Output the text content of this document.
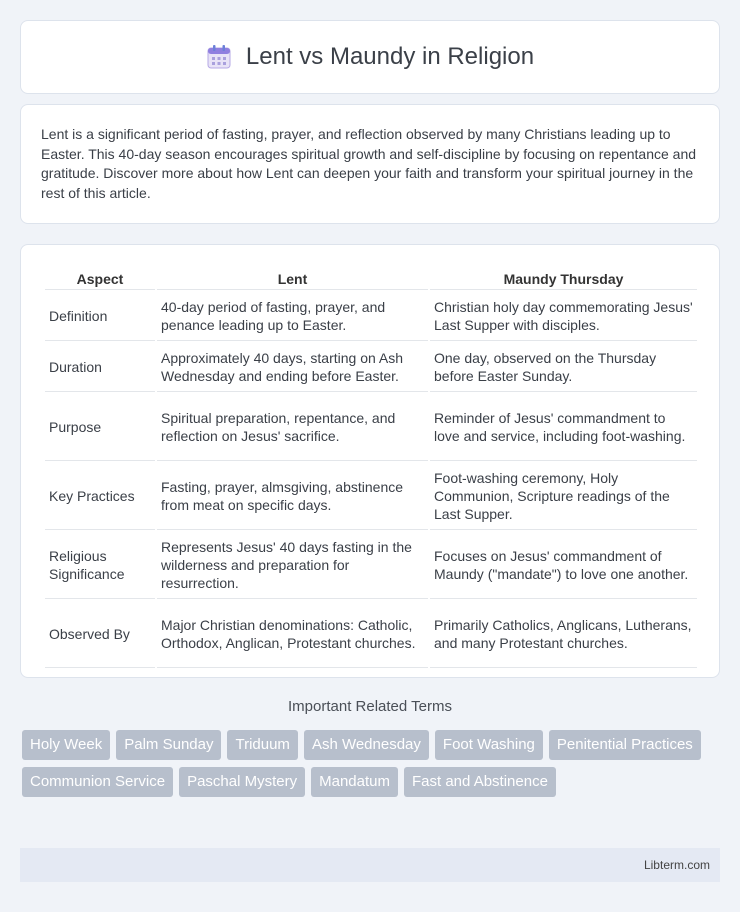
Lent vs Maundy in Religion

Lent is a significant period of fasting, prayer, and reflection observed by many Christians leading up to Easter. This 40-day season encourages spiritual growth and self-discipline by focusing on repentance and gratitude. Discover more about how Lent can deepen your faith and transform your spiritual journey in the rest of this article.

Aspect	Lent	Maundy Thursday
Definition	40-day period of fasting, prayer, and penance leading up to Easter.	Christian holy day commemorating Jesus' Last Supper with disciples.
Duration	Approximately 40 days, starting on Ash Wednesday and ending before Easter.	One day, observed on the Thursday before Easter Sunday.
Purpose	Spiritual preparation, repentance, and reflection on Jesus' sacrifice.	Reminder of Jesus' commandment to love and service, including foot-washing.
Key Practices	Fasting, prayer, almsgiving, abstinence from meat on specific days.	Foot-washing ceremony, Holy Communion, Scripture readings of the Last Supper.
Religious Significance	Represents Jesus' 40 days fasting in the wilderness and preparation for resurrection.	Focuses on Jesus' commandment of Maundy ("mandate") to love one another.
Observed By	Major Christian denominations: Catholic, Orthodox, Anglican, Protestant churches.	Primarily Catholics, Anglicans, Lutherans, and many Protestant churches.
Important Related Terms
Holy Week	Palm Sunday	Triduum	Ash Wednesday	Foot Washing	Penitential Practices
Communion Service	Paschal Mystery	Mandatum	Fast and Abstinence
Libterm.com
